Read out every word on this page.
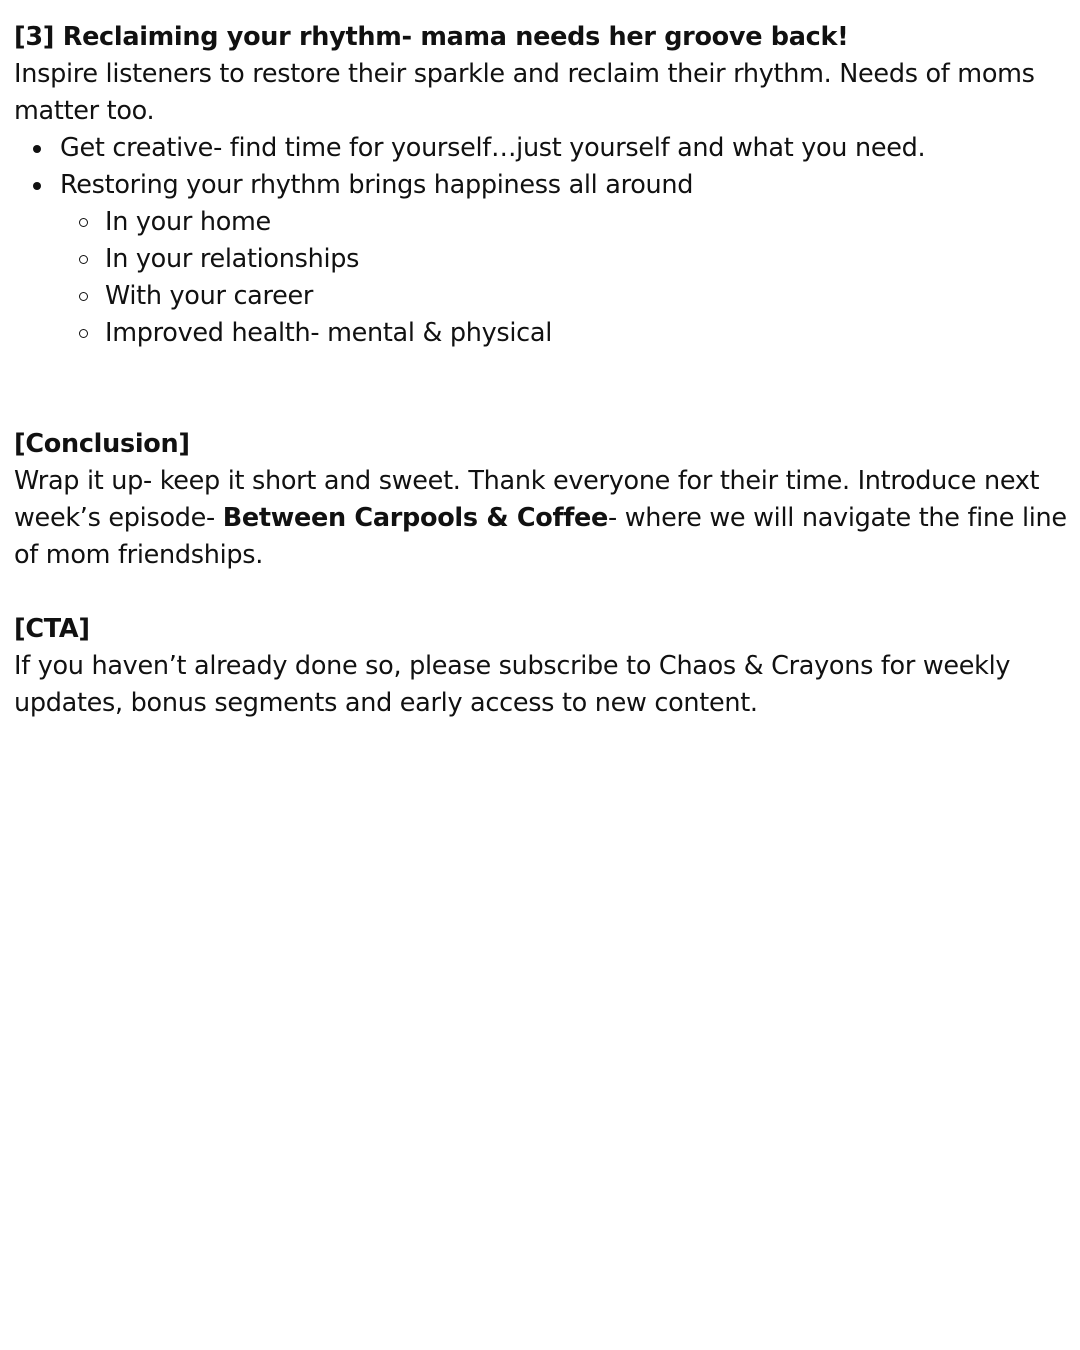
[3] Reclaiming your rhythm- mama needs her groove back!

Inspire listeners to restore their sparkle and reclaim their rhythm. Needs of moms matter too.

Get creative- find time for yourself…just yourself and what you need.
Restoring your rhythm brings happiness all around
In your home
In your relationships
With your career
Improved health- mental & physical

[Conclusion]

Wrap it up- keep it short and sweet. Thank everyone for their time. Introduce next week’s episode- Between Carpools & Coffee- where we will navigate the fine line of mom friendships.

[CTA]

If you haven’t already done so, please subscribe to Chaos & Crayons for weekly updates, bonus segments and early access to new content.
